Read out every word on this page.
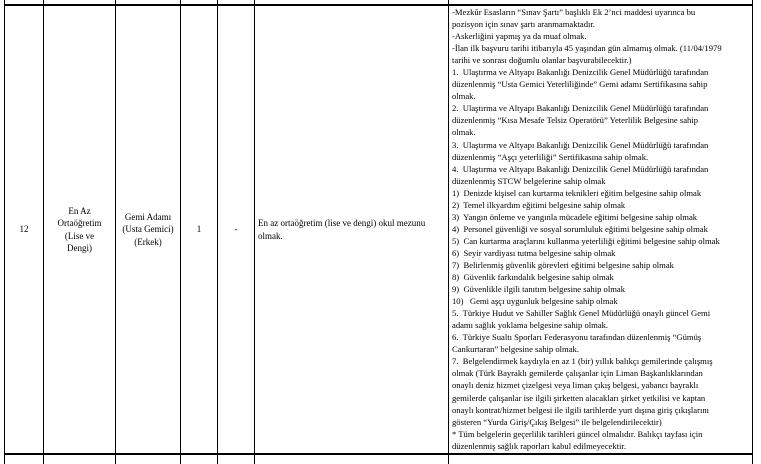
12
En Az
Ortaöğretim
(Lise ve
Dengi)
Gemi Adamı
(Usta Gemici)
(Erkek)
1	-
En az ortaöğretim (lise ve dengi) okul mezunu
olmak.
-Mezkûr Esasların “Sınav Şartı” başlıklı Ek 2’nci maddesi uyarınca bu
pozisyon için sınav şartı aranmamaktadır.
-Askerliğini yapmış ya da muaf olmak.
-İlan ilk başvuru tarihi itibarıyla 45 yaşından gün almamış olmak. (11/04/1979
tarihi ve sonrası doğumlu olanlar başvurabilecektir.)
1.  Ulaştırma ve Altyapı Bakanlığı Denizcilik Genel Müdürlüğü tarafından
düzenlenmiş “Usta Gemici Yeterliliğinde” Gemi adamı Sertifikasına sahip
olmak.
2.  Ulaştırma ve Altyapı Bakanlığı Denizcilik Genel Müdürlüğü tarafından
düzenlenmiş “Kısa Mesafe Telsiz Operatörü” Yeterlilik Belgesine sahip
olmak.
3.  Ulaştırma ve Altyapı Bakanlığı Denizcilik Genel Müdürlüğü tarafından
düzenlenmiş “Aşçı yeterliliği” Sertifikasına sahip olmak.
4.  Ulaştırma ve Altyapı Bakanlığı Denizcilik Genel Müdürlüğü tarafından
düzenlenmiş STCW belgelerine sahip olmak
1)  Denizde kişisel can kurtarma teknikleri eğitim belgesine sahip olmak
2)  Temel ilkyardım eğitimi belgesine sahip olmak
3)  Yangın önleme ve yangınla mücadele eğitimi belgesine sahip olmak
4)  Personel güvenliği ve sosyal sorumluluk eğitimi belgesine sahip olmak
5)  Can kurtarma araçlarını kullanma yeterliliği eğitimi belgesine sahip olmak
6)  Seyir vardiyası tutma belgesine sahip olmak
7)  Belirlenmiş güvenlik görevleri eğitimi belgesine sahip olmak
8)  Güvenlik farkındalık belgesine sahip olmak
9)  Güvenlikle ilgili tanıtım belgesine sahip olmak
10)   Gemi aşçı uygunluk belgesine sahip olmak
5.  Türkiye Hudut ve Sahiller Sağlık Genel Müdürlüğü onaylı güncel Gemi
adamı sağlık yoklama belgesine sahip olmak.
6.  Türkiye Sualtı Sporları Federasyonu tarafından düzenlenmiş “Gümüş
Cankurtaran” belgesine sahip olmak.
7.  Belgelendirmek kaydıyla en az 1 (bir) yıllık balıkçı gemilerinde çalışmış
olmak (Türk Bayraklı gemilerde çalışanlar için Liman Başkanlıklarından
onaylı deniz hizmet çizelgesi veya liman çıkış belgesi, yabancı bayraklı
gemilerde çalışanlar ise ilgili şirketten alacakları şirket yetkilisi ve kaptan
onaylı kontrat/hizmet belgesi ile ilgili tarihlerde yurt dışına giriş çıkışlarını
gösteren “Yurda Giriş/Çıkış Belgesi” ile belgelendirilecektir)
* Tüm belgelerin geçerlilik tarihleri güncel olmalıdır. Balıkçı tayfası için
düzenlenmiş sağlık raporları kabul edilmeyecektir.
